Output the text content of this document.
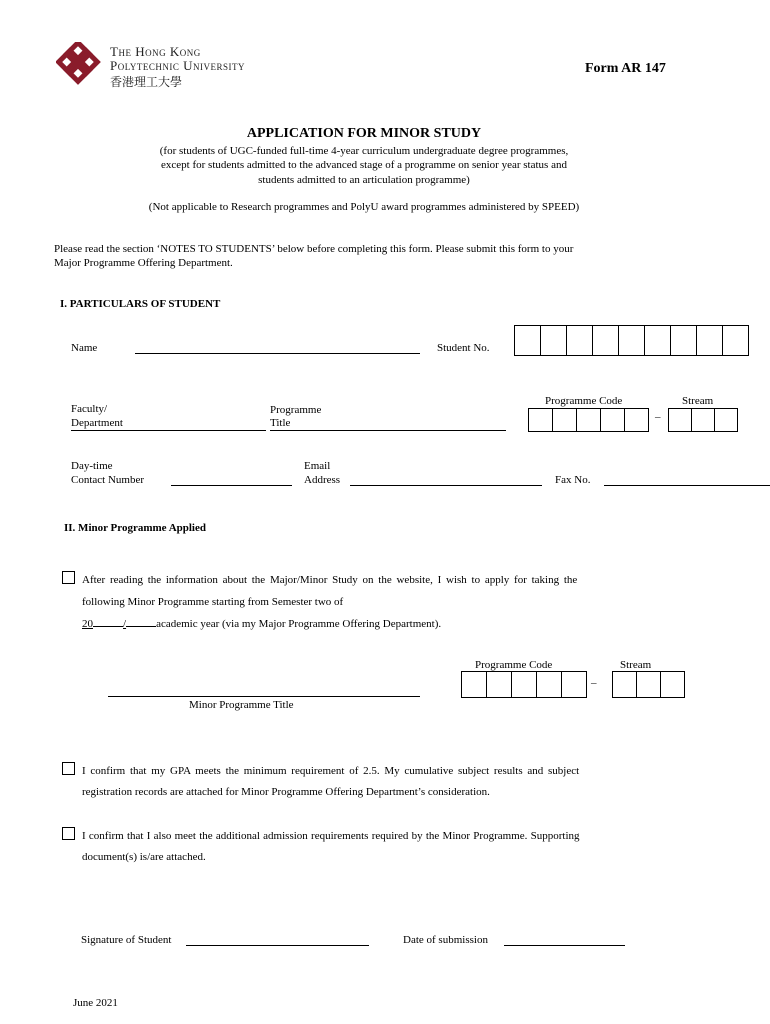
The Hong Kong
Polytechnic University
香港理工大學
Form AR 147
APPLICATION FOR MINOR STUDY
(for students of UGC-funded full-time 4-year curriculum undergraduate degree programmes,
except for students admitted to the advanced stage of a programme on senior year status and
students admitted to an articulation programme)
(Not applicable to Research programmes and PolyU award programmes administered by SPEED)
Please read the section ‘NOTES TO STUDENTS’ below before completing this form. Please submit this form to your
Major Programme Offering Department.
I. PARTICULARS OF STUDENT
Name	Student No.
Faculty/
Department
Programme
Title
Programme Code	Stream
–
Day-time
Contact Number
Email
Address	Fax No.
II. Minor Programme Applied
After reading the information about the Major/Minor Study on the website, I wish to apply for taking the
following Minor Programme starting from Semester two of
20	/	academic year (via my Major Programme Offering Department).
Programme Code	Stream
–
Minor Programme Title
I confirm that my GPA meets the minimum requirement of 2.5. My cumulative subject results and subject
registration records are attached for Minor Programme Offering Department’s consideration.
I confirm that I also meet the additional admission requirements required by the Minor Programme. Supporting
document(s) is/are attached.
Signature of Student	Date of submission
June 2021
